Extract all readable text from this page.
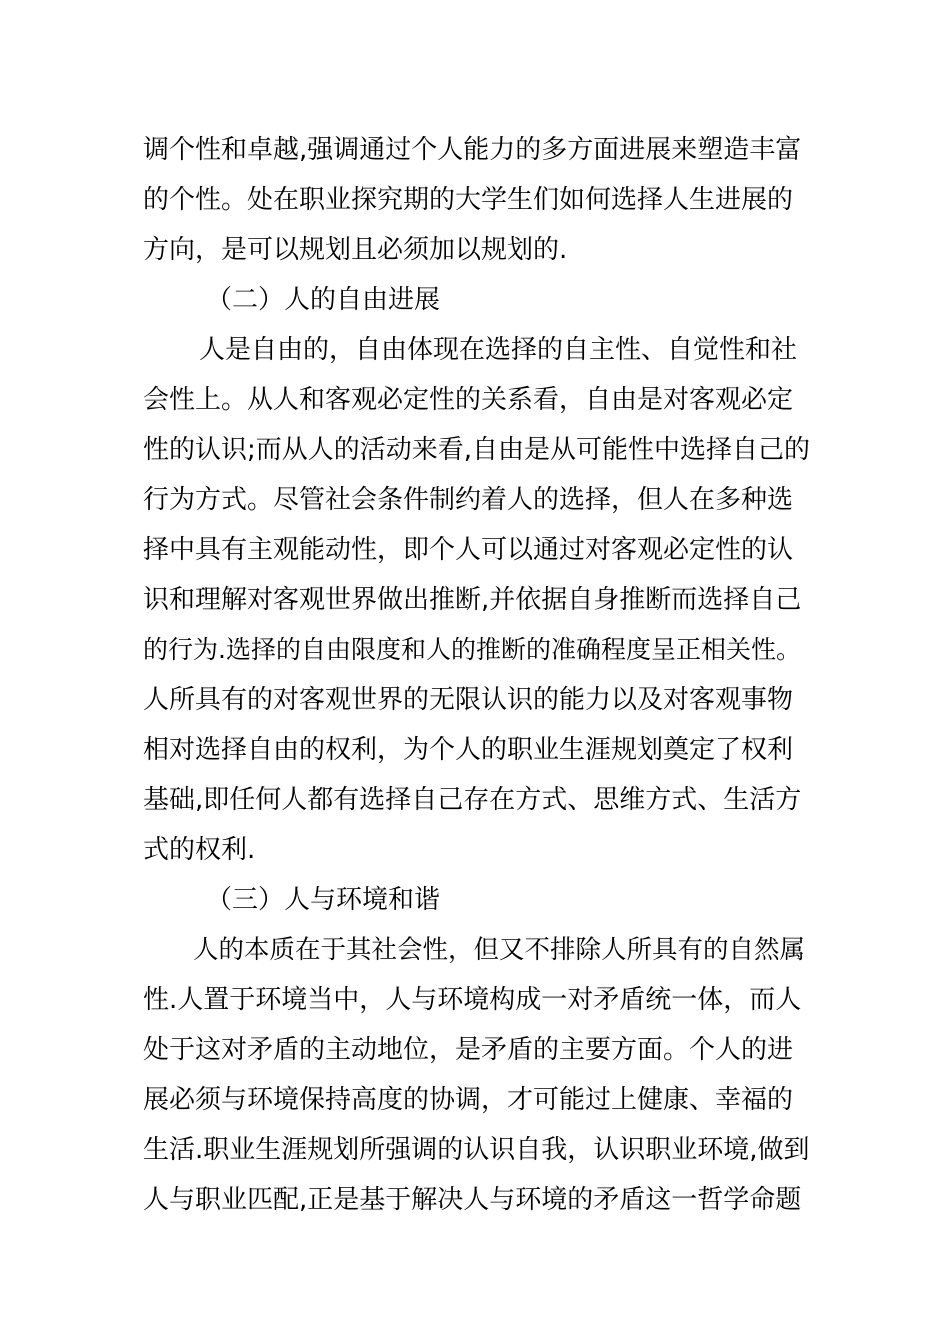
调个性和卓越,强调通过个人能力的多方面进展来塑造丰富
的个性。处在职业探究期的大学生们如何选择人生进展的
方向，是可以规划且必须加以规划的.
（二）人的自由进展
人是自由的，自由体现在选择的自主性、自觉性和社
会性上。从人和客观必定性的关系看，自由是对客观必定
性的认识;而从人的活动来看,自由是从可能性中选择自己的
行为方式。尽管社会条件制约着人的选择，但人在多种选
择中具有主观能动性，即个人可以通过对客观必定性的认
识和理解对客观世界做出推断,并依据自身推断而选择自己
的行为.选择的自由限度和人的推断的准确程度呈正相关性。
人所具有的对客观世界的无限认识的能力以及对客观事物
相对选择自由的权利，为个人的职业生涯规划奠定了权利
基础,即任何人都有选择自己存在方式、思维方式、生活方
式的权利.
（三）人与环境和谐
人的本质在于其社会性，但又不排除人所具有的自然属
性.人置于环境当中，人与环境构成一对矛盾统一体，而人
处于这对矛盾的主动地位，是矛盾的主要方面。个人的进
展必须与环境保持高度的协调，才可能过上健康、幸福的
生活.职业生涯规划所强调的认识自我，认识职业环境,做到
人与职业匹配,正是基于解决人与环境的矛盾这一哲学命题
